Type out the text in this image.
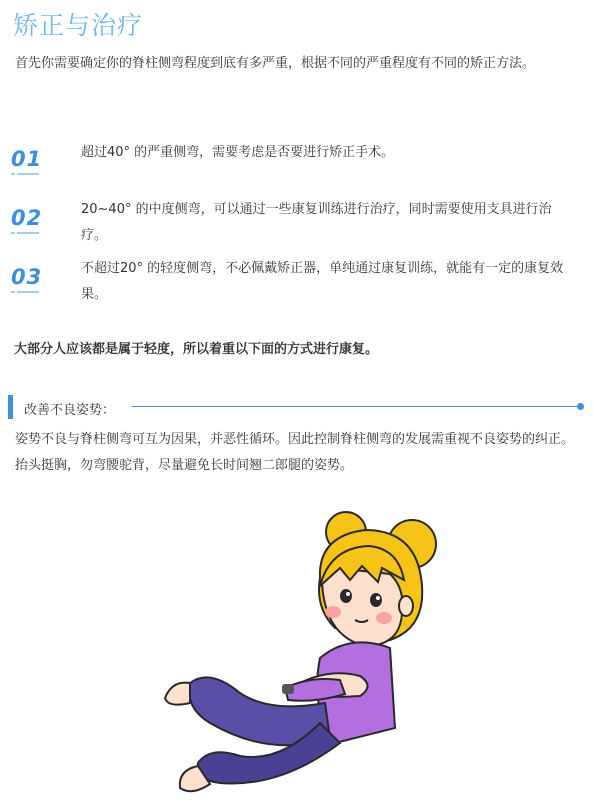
矫正与治疗

首先你需要确定你的脊柱侧弯程度到底有多严重，根据不同的严重程度有不同的矫正方法。

01	超过40° 的严重侧弯，需要考虑是否要进行矫正手术。

02	20~40° 的中度侧弯，可以通过一些康复训练进行治疗，同时需要使用支具进行治疗。

03	不超过20° 的轻度侧弯，不必佩戴矫正器，单纯通过康复训练，就能有一定的康复效果。

大部分人应该都是属于轻度，所以着重以下面的方式进行康复。

改善不良姿势：

姿势不良与脊柱侧弯可互为因果，并恶性循环。因此控制脊柱侧弯的发展需重视不良姿势的纠正。抬头挺胸，勿弯腰驼背，尽量避免长时间翘二郎腿的姿势。
